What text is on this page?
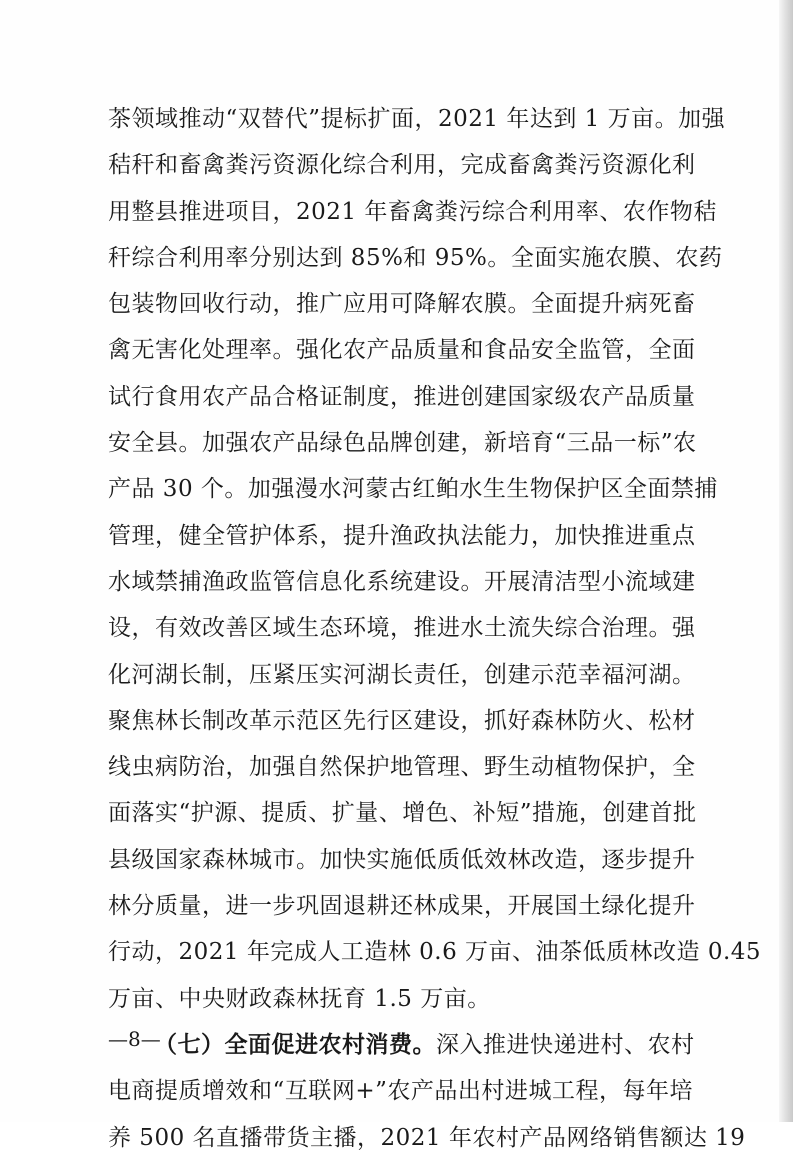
茶领域推动“双替代”提标扩面，2021 年达到 1 万亩。加强
秸秆和畜禽粪污资源化综合利用，完成畜禽粪污资源化利
用整县推进项目，2021 年畜禽粪污综合利用率、农作物秸
秆综合利用率分别达到 85%和 95%。全面实施农膜、农药
包装物回收行动，推广应用可降解农膜。全面提升病死畜
禽无害化处理率。强化农产品质量和食品安全监管，全面
试行食用农产品合格证制度，推进创建国家级农产品质量
安全县。加强农产品绿色品牌创建，新培育“三品一标”农
产品 30 个。加强漫水河蒙古红鲌水生生物保护区全面禁捕
管理，健全管护体系，提升渔政执法能力，加快推进重点
水域禁捕渔政监管信息化系统建设。开展清洁型小流域建
设，有效改善区域生态环境，推进水土流失综合治理。强
化河湖长制，压紧压实河湖长责任，创建示范幸福河湖。
聚焦林长制改革示范区先行区建设，抓好森林防火、松材
线虫病防治，加强自然保护地管理、野生动植物保护，全
面落实“护源、提质、扩量、增色、补短”措施，创建首批
县级国家森林城市。加快实施低质低效林改造，逐步提升
林分质量，进一步巩固退耕还林成果，开展国土绿化提升
行动，2021 年完成人工造林 0.6 万亩、油茶低质林改造 0.45
万亩、中央财政森林抚育 1.5 万亩。
（七）全面促进农村消费。深入推进快递进村、农村
电商提质增效和“互联网+”农产品出村进城工程，每年培
养 500 名直播带货主播，2021 年农村产品网络销售额达 19
—8—
